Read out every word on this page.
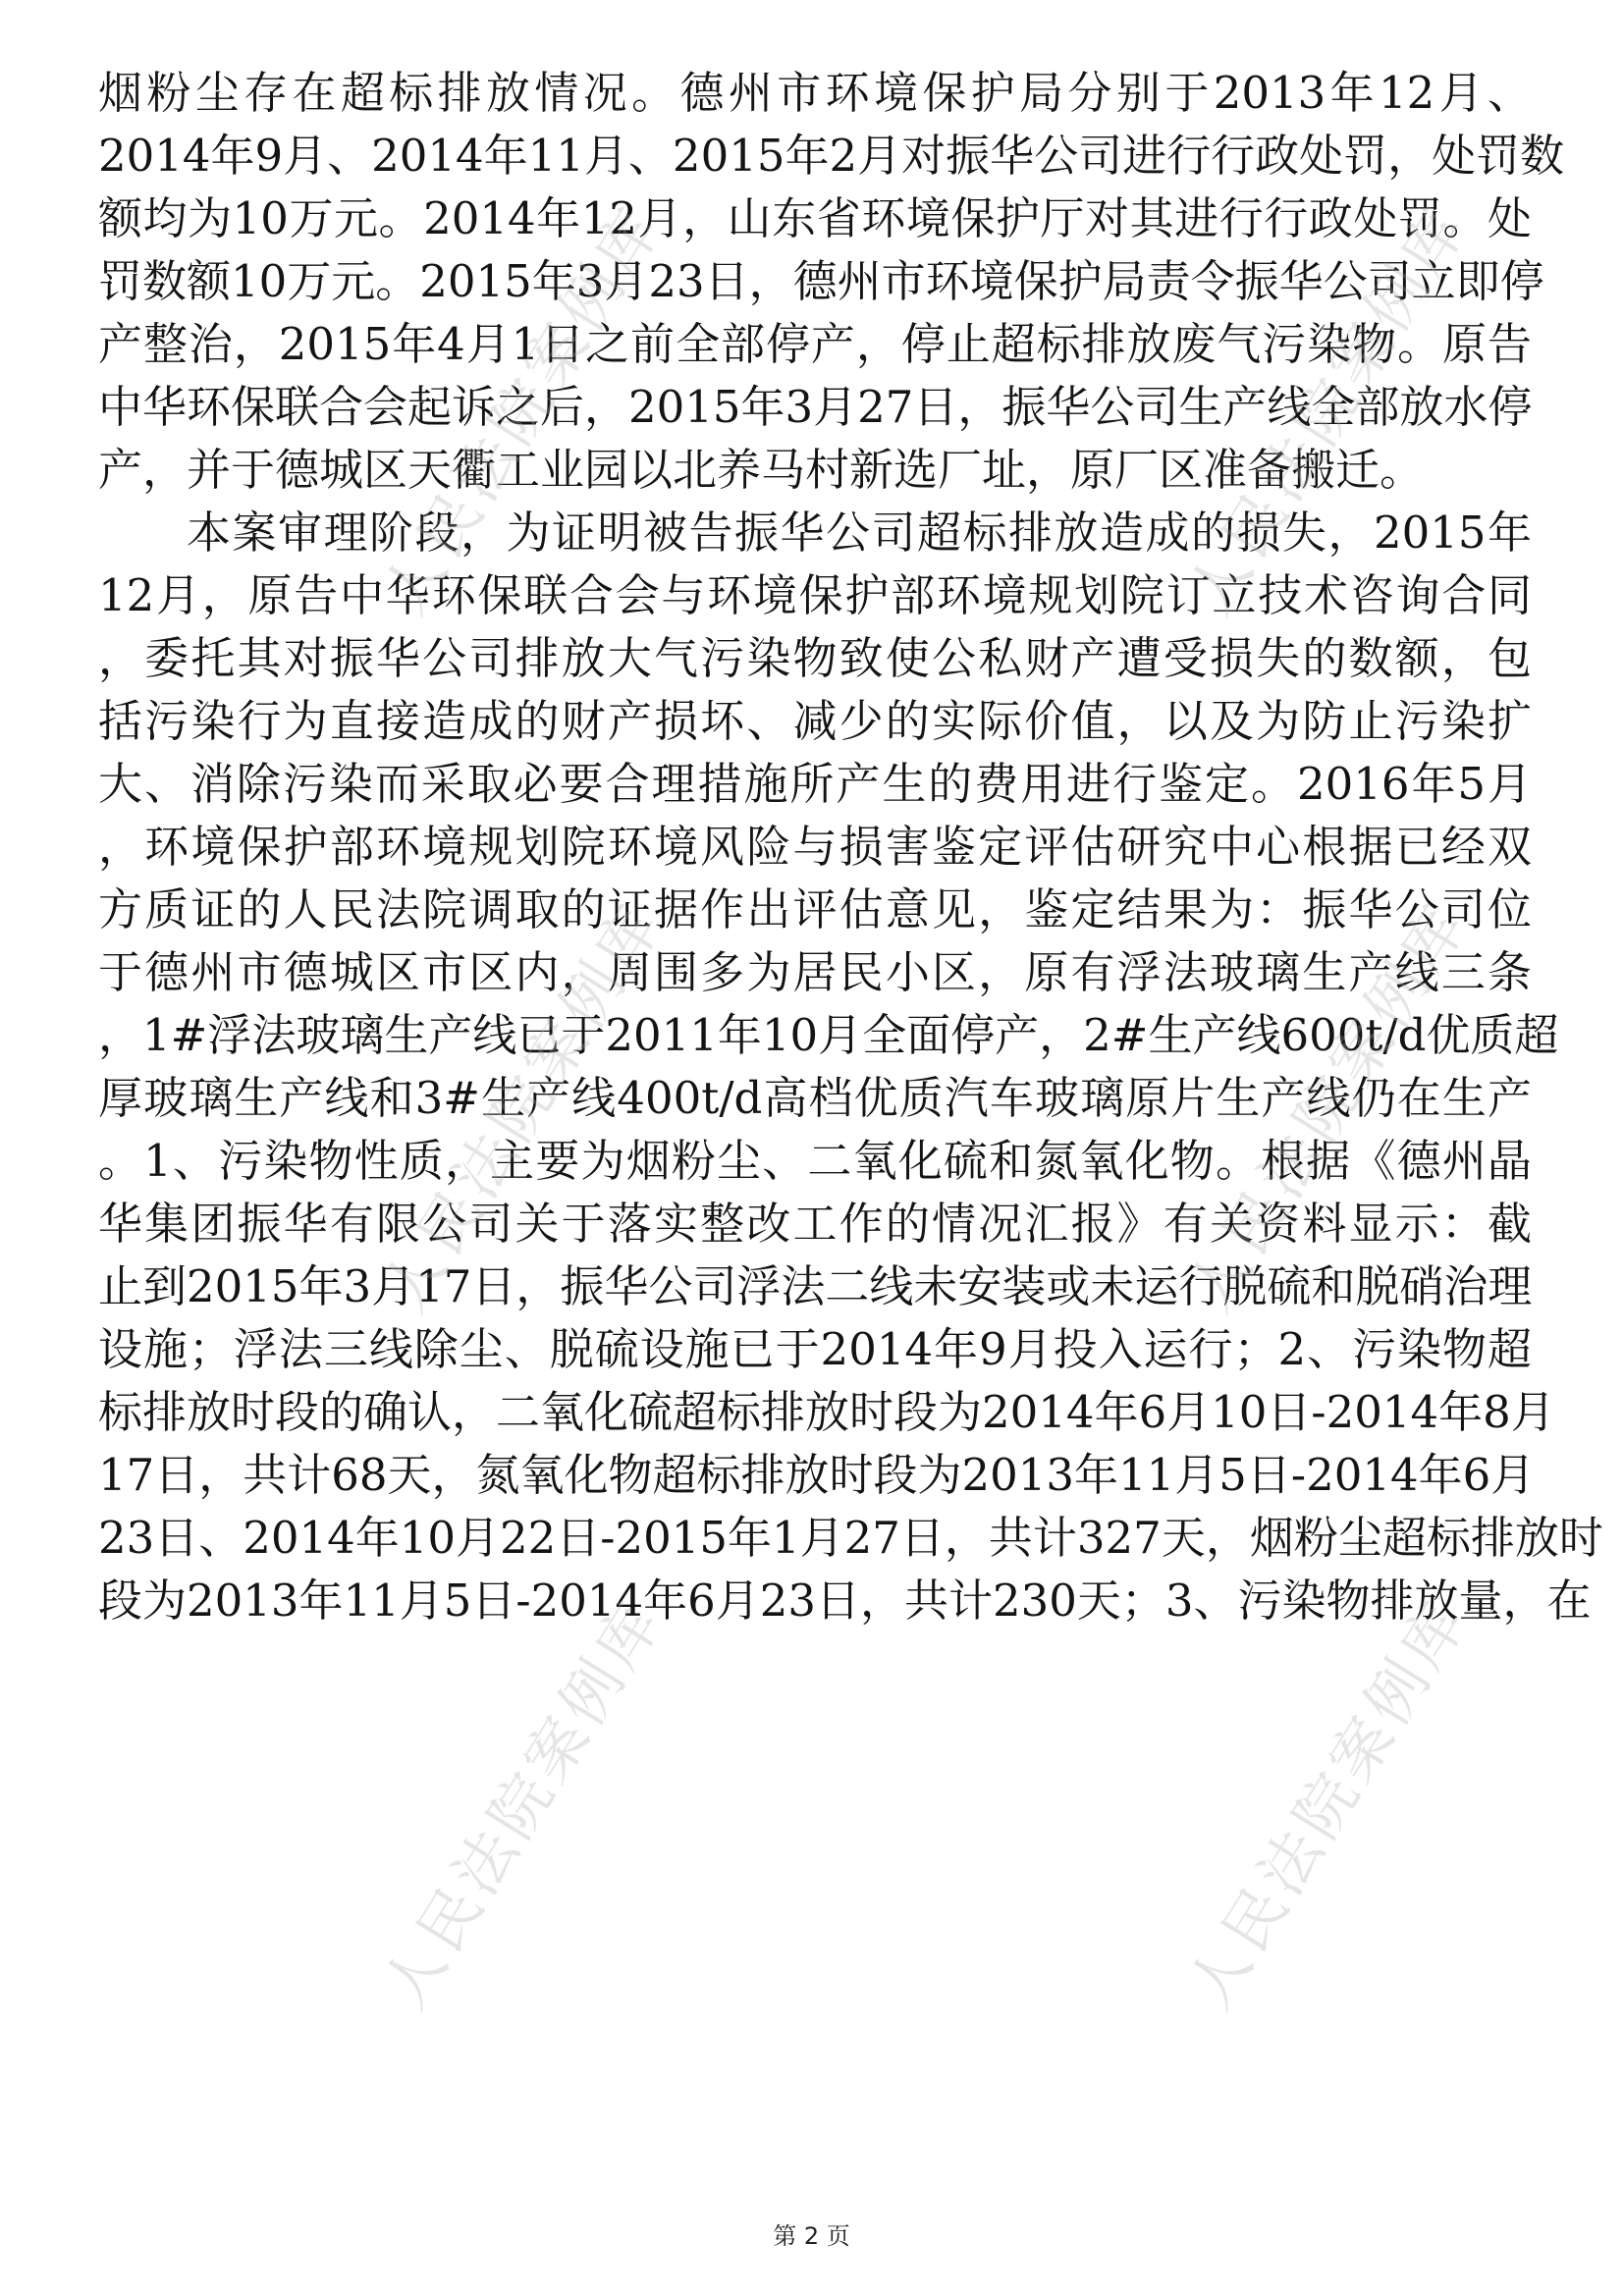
烟粉尘存在超标排放情况。德州市环境保护局分别于2013年12月、
2014年9月、2014年11月、2015年2月对振华公司进行行政处罚，处罚数
额均为10万元。2014年12月，山东省环境保护厅对其进行行政处罚。处
罚数额10万元。2015年3月23日，德州市环境保护局责令振华公司立即停
产整治，2015年4月1日之前全部停产，停止超标排放废气污染物。原告
中华环保联合会起诉之后，2015年3月27日，振华公司生产线全部放水停
产，并于德城区天衢工业园以北养马村新选厂址，原厂区准备搬迁。
本案审理阶段，为证明被告振华公司超标排放造成的损失，2015年
12月，原告中华环保联合会与环境保护部环境规划院订立技术咨询合同
，委托其对振华公司排放大气污染物致使公私财产遭受损失的数额，包
括污染行为直接造成的财产损坏、减少的实际价值，以及为防止污染扩
大、消除污染而采取必要合理措施所产生的费用进行鉴定。2016年5月
，环境保护部环境规划院环境风险与损害鉴定评估研究中心根据已经双
方质证的人民法院调取的证据作出评估意见，鉴定结果为：振华公司位
于德州市德城区市区内，周围多为居民小区，原有浮法玻璃生产线三条
，1#浮法玻璃生产线已于2011年10月全面停产，2#生产线600t/d优质超
厚玻璃生产线和3#生产线400t/d高档优质汽车玻璃原片生产线仍在生产
。1、污染物性质，主要为烟粉尘、二氧化硫和氮氧化物。根据《德州晶
华集团振华有限公司关于落实整改工作的情况汇报》有关资料显示：截
止到2015年3月17日，振华公司浮法二线未安装或未运行脱硫和脱硝治理
设施；浮法三线除尘、脱硫设施已于2014年9月投入运行；2、污染物超
标排放时段的确认，二氧化硫超标排放时段为2014年6月10日-2014年8月
17日，共计68天，氮氧化物超标排放时段为2013年11月5日-2014年6月
23日、2014年10月22日-2015年1月27日，共计327天，烟粉尘超标排放时
段为2013年11月5日-2014年6月23日，共计230天；3、污染物排放量，在
人民法院案例库	人民法院案例库
人民法院案例库	人民法院案例库
人民法院案例库	人民法院案例库
第 2 页
